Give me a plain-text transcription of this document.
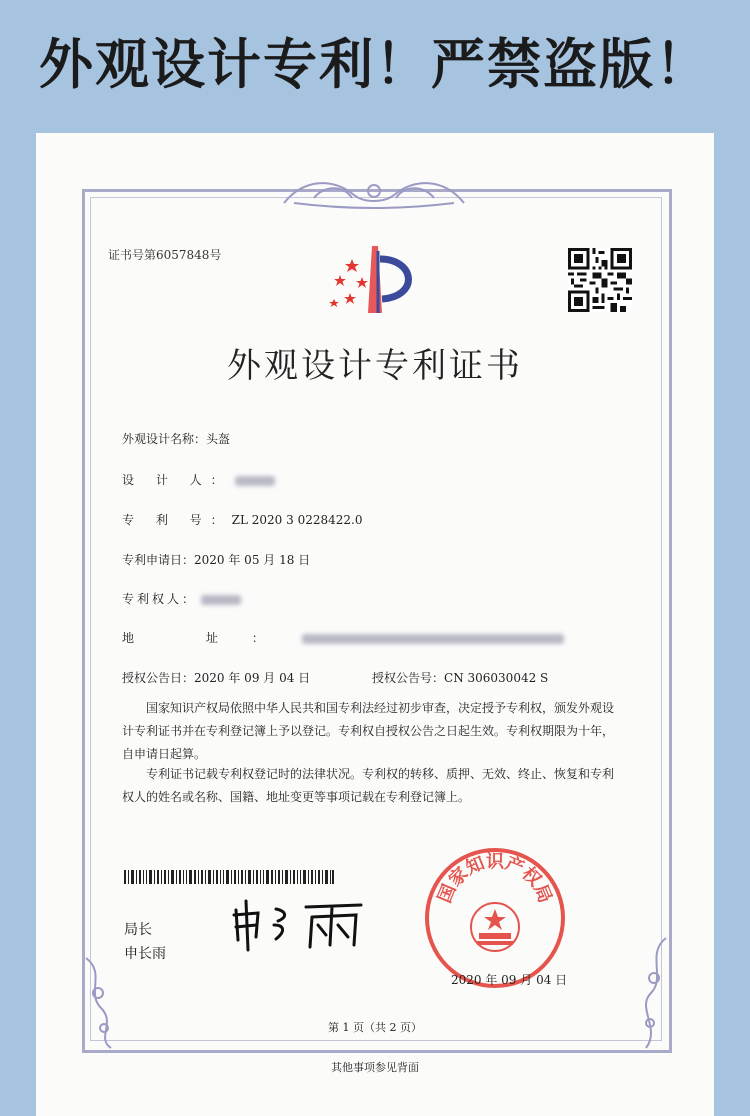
外观设计专利！严禁盗版！
证书号第6057848号
外观设计专利证书
外观设计名称：头盔
设 计 人：
专 利 号：ZL 2020 3 0228422.0
专利申请日：2020 年 05 月 18 日
专利权人：
地 址：
授权公告日：2020 年 09 月 04 日	授权公告号：CN 306030042 S
国家知识产权局依照中华人民共和国专利法经过初步审查，决定授予专利权，颁发外观设计专利证书并在专利登记簿上予以登记。专利权自授权公告之日起生效。专利权期限为十年，自申请日起算。
专利证书记载专利权登记时的法律状况。专利权的转移、质押、无效、终止、恢复和专利权人的姓名或名称、国籍、地址变更等事项记载在专利登记簿上。
局长
申长雨
国家知识产权局
2020 年 09 月 04 日
第 1 页（共 2 页）
其他事项参见背面
